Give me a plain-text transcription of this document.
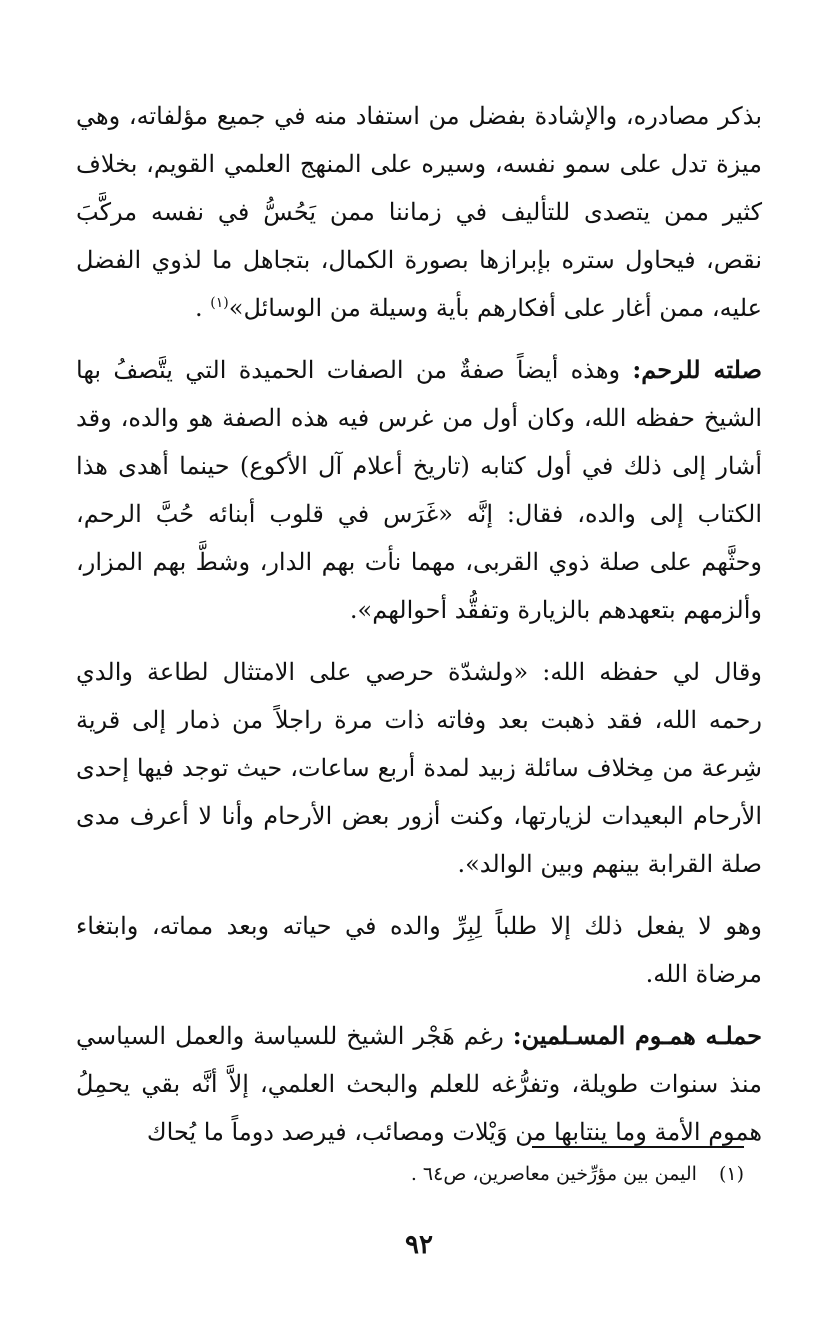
بذكر مصادره، والإشادة بفضل من استفاد منه في جميع مؤلفاته، وهي ميزة تدل على سمو نفسه، وسيره على المنهج العلمي القويم، بخلاف كثير ممن يتصدى للتأليف في زماننا ممن يَحُسُّ في نفسه مركَّبَ نقص، فيحاول ستره بإبرازها بصورة الكمال، بتجاهل ما لذوي الفضل عليه، ممن أغار على أفكارهم بأية وسيلة من الوسائل»$^{(١)}$ .

صلته للرحم: وهذه أيضاً صفةٌ من الصفات الحميدة التي يتَّصفُ بها الشيخ حفظه الله، وكان أول من غرس فيه هذه الصفة هو والده، وقد أشار إلى ذلك في أول كتابه (تاريخ أعلام آل الأكوع) حينما أهدى هذا الكتاب إلى والده، فقال: إنَّه «غَرَس في قلوب أبنائه حُبَّ الرحم، وحثَّهم على صلة ذوي القربى، مهما نأت بهم الدار، وشطَّ بهم المزار، وألزمهم بتعهدهم بالزيارة وتفقُّد أحوالهم».

وقال لي حفظه الله: «ولشدّة حرصي على الامتثال لطاعة والدي رحمه الله، فقد ذهبت بعد وفاته ذات مرة راجلاً من ذمار إلى قرية شِرعة من مِخلاف سائلة زبيد لمدة أربع ساعات، حيث توجد فيها إحدى الأرحام البعيدات لزيارتها، وكنت أزور بعض الأرحام وأنا لا أعرف مدى صلة القرابة بينهم وبين الوالد».

وهو لا يفعل ذلك إلا طلباً لِبِرِّ والده في حياته وبعد مماته، وابتغاء مرضاة الله.

حملـه همـوم المسـلمين: رغم هَجْر الشيخ للسياسة والعمل السياسي منذ سنوات طويلة، وتفرُّغه للعلم والبحث العلمي، إلاَّ أنَّه بقي يحمِلُ هموم الأمة وما ينتابها من وَيْلات ومصائب، فيرصد دوماً ما يُحاك

(١)اليمن بين مؤرِّخين معاصرين، ص٦٤ .
٩٢
